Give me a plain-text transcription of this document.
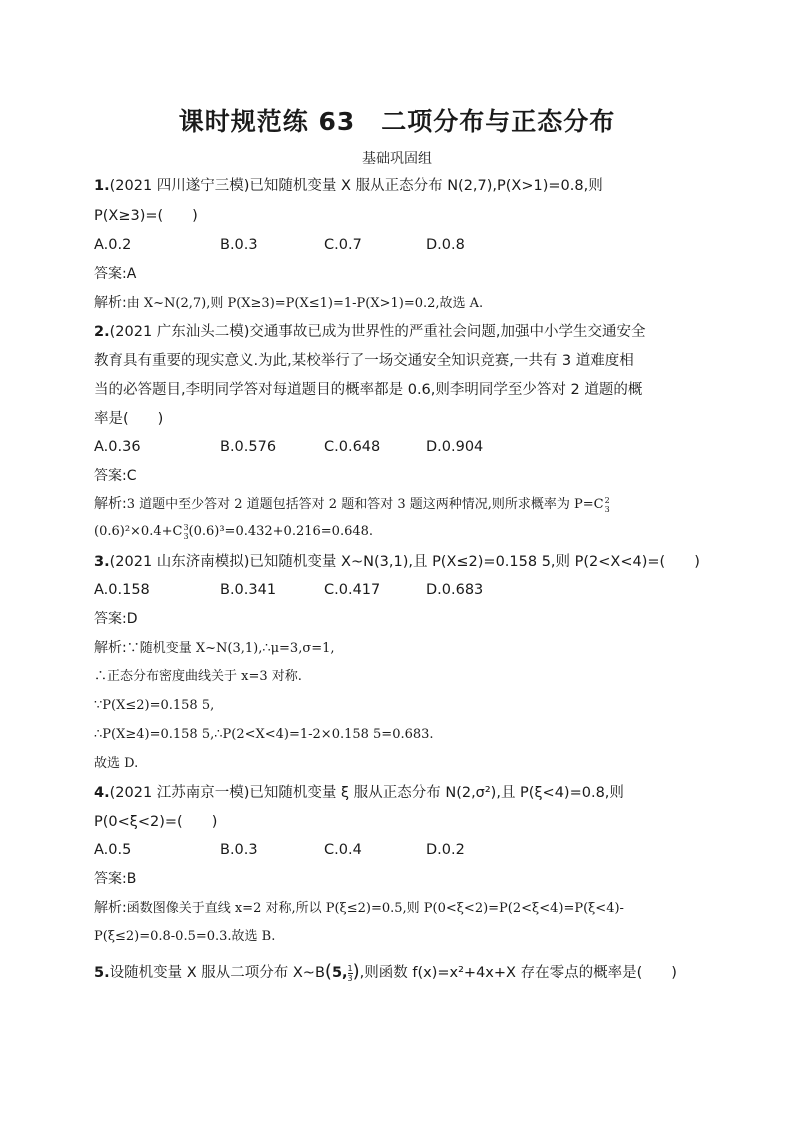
课时规范练 63　二项分布与正态分布
基础巩固组
1.(2021 四川遂宁三模)已知随机变量 X 服从正态分布 N(2,7),P(X>1)=0.8,则
P(X≥3)=(　　)
A.0.2	B.0.3	C.0.7	D.0.8
答案:A
解析:由 X~N(2,7),则 P(X≥3)=P(X≤1)=1-P(X>1)=0.2,故选 A.
2.(2021 广东汕头二模)交通事故已成为世界性的严重社会问题,加强中小学生交通安全
教育具有重要的现实意义.为此,某校举行了一场交通安全知识竞赛,一共有 3 道难度相
当的必答题目,李明同学答对每道题目的概率都是 0.6,则李明同学至少答对 2 道题的概
率是(　　)
A.0.36	B.0.576	C.0.648	D.0.904
答案:C
解析:3 道题中至少答对 2 道题包括答对 2 题和答对 3 题这两种情况,则所求概率为 P=C 2
3
(0.6)²×0.4+C 3
3 (0.6)³=0.432+0.216=0.648.
3.(2021 山东济南模拟)已知随机变量 X~N(3,1),且 P(X≤2)=0.158 5,则 P(2<X<4)=(　　)
A.0.158	B.0.341	C.0.417	D.0.683
答案:D
解析:∵随机变量 X~N(3,1),∴μ=3,σ=1,
∴正态分布密度曲线关于 x=3 对称.
∵P(X≤2)=0.158 5,
∴P(X≥4)=0.158 5,∴P(2<X<4)=1-2×0.158 5=0.683.
故选 D.
4.(2021 江苏南京一模)已知随机变量 ξ 服从正态分布 N(2,σ²),且 P(ξ<4)=0.8,则
P(0<ξ<2)=(　　)
A.0.5	B.0.3	C.0.4	D.0.2
答案:B
解析:函数图像关于直线 x=2 对称,所以 P(ξ≤2)=0.5,则 P(0<ξ<2)=P(2<ξ<4)=P(ξ<4)-
P(ξ≤2)=0.8-0.5=0.3.故选 B.
5.设随机变量 X 服从二项分布 X~B(5, $\frac{1}{3}$ ),则函数 f(x)=x²+4x+X 存在零点的概率是(　　)
